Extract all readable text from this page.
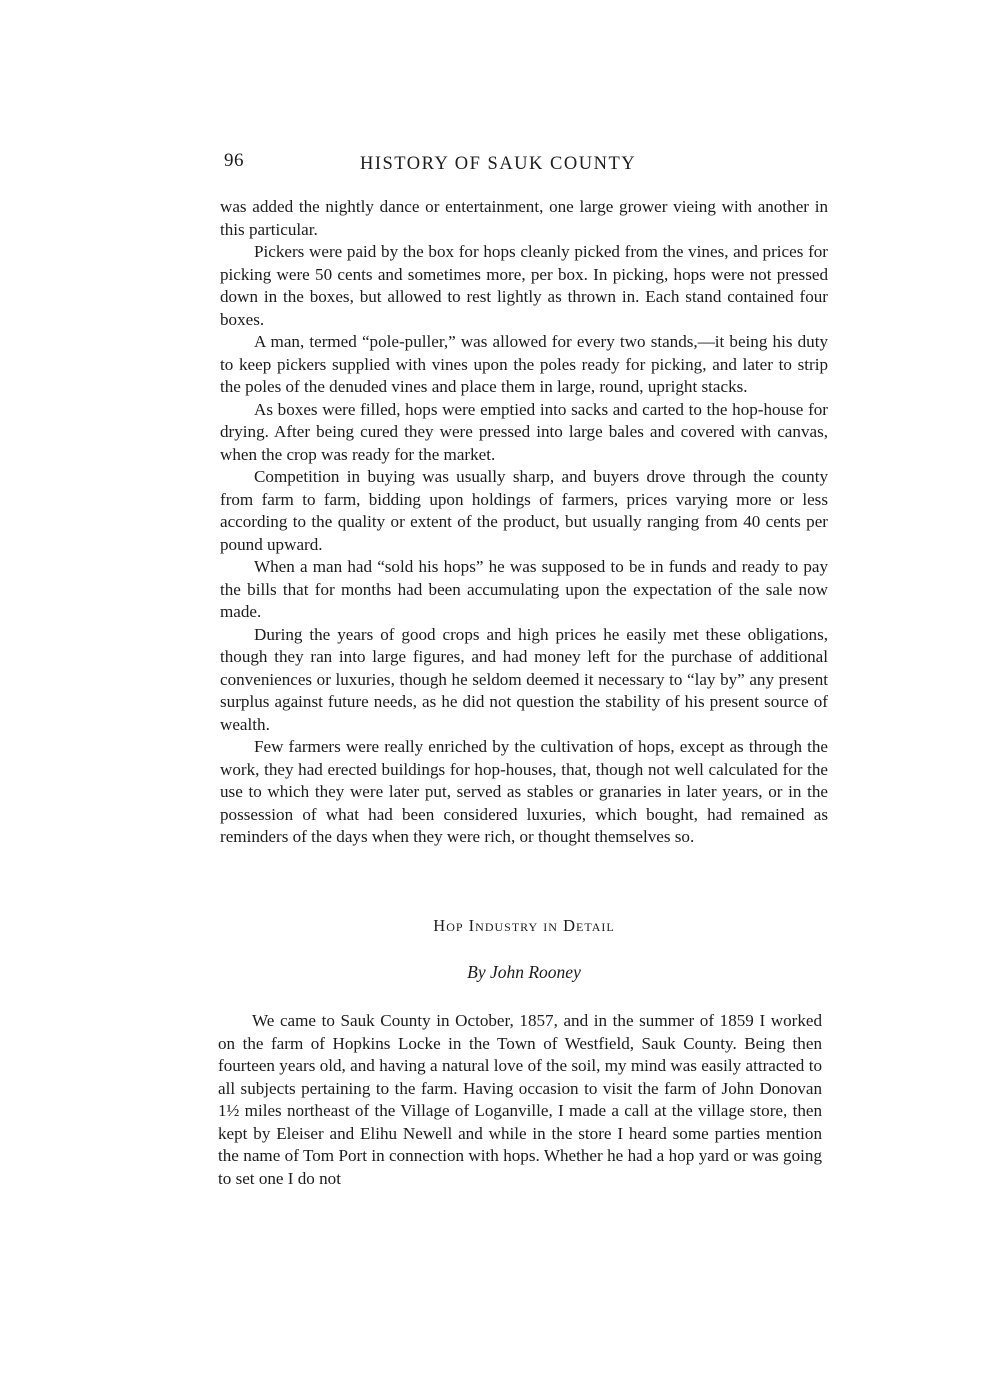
96	HISTORY OF SAUK COUNTY

was added the nightly dance or entertainment, one large grower vieing with another in this particular.

Pickers were paid by the box for hops cleanly picked from the vines, and prices for picking were 50 cents and sometimes more, per box. In picking, hops were not pressed down in the boxes, but allowed to rest lightly as thrown in. Each stand contained four boxes.

A man, termed “pole-puller,” was allowed for every two stands,—it being his duty to keep pickers supplied with vines upon the poles ready for picking, and later to strip the poles of the denuded vines and place them in large, round, upright stacks.

As boxes were filled, hops were emptied into sacks and carted to the hop-house for drying. After being cured they were pressed into large bales and covered with canvas, when the crop was ready for the market.

Competition in buying was usually sharp, and buyers drove through the county from farm to farm, bidding upon holdings of farmers, prices varying more or less according to the quality or extent of the product, but usually ranging from 40 cents per pound upward.

When a man had “sold his hops” he was supposed to be in funds and ready to pay the bills that for months had been accumulating upon the expectation of the sale now made.

During the years of good crops and high prices he easily met these obligations, though they ran into large figures, and had money left for the purchase of additional conveniences or luxuries, though he seldom deemed it necessary to “lay by” any present surplus against future needs, as he did not question the stability of his present source of wealth.

Few farmers were really enriched by the cultivation of hops, except as through the work, they had erected buildings for hop-houses, that, though not well calculated for the use to which they were later put, served as stables or granaries in later years, or in the possession of what had been considered luxuries, which bought, had remained as reminders of the days when they were rich, or thought themselves so.

Hop Industry in Detail
By John Rooney

We came to Sauk County in October, 1857, and in the summer of 1859 I worked on the farm of Hopkins Locke in the Town of Westfield, Sauk County. Being then fourteen years old, and having a natural love of the soil, my mind was easily attracted to all subjects pertaining to the farm. Having occasion to visit the farm of John Donovan 1½ miles northeast of the Village of Loganville, I made a call at the village store, then kept by Eleiser and Elihu Newell and while in the store I heard some parties mention the name of Tom Port in connection with hops. Whether he had a hop yard or was going to set one I do not
